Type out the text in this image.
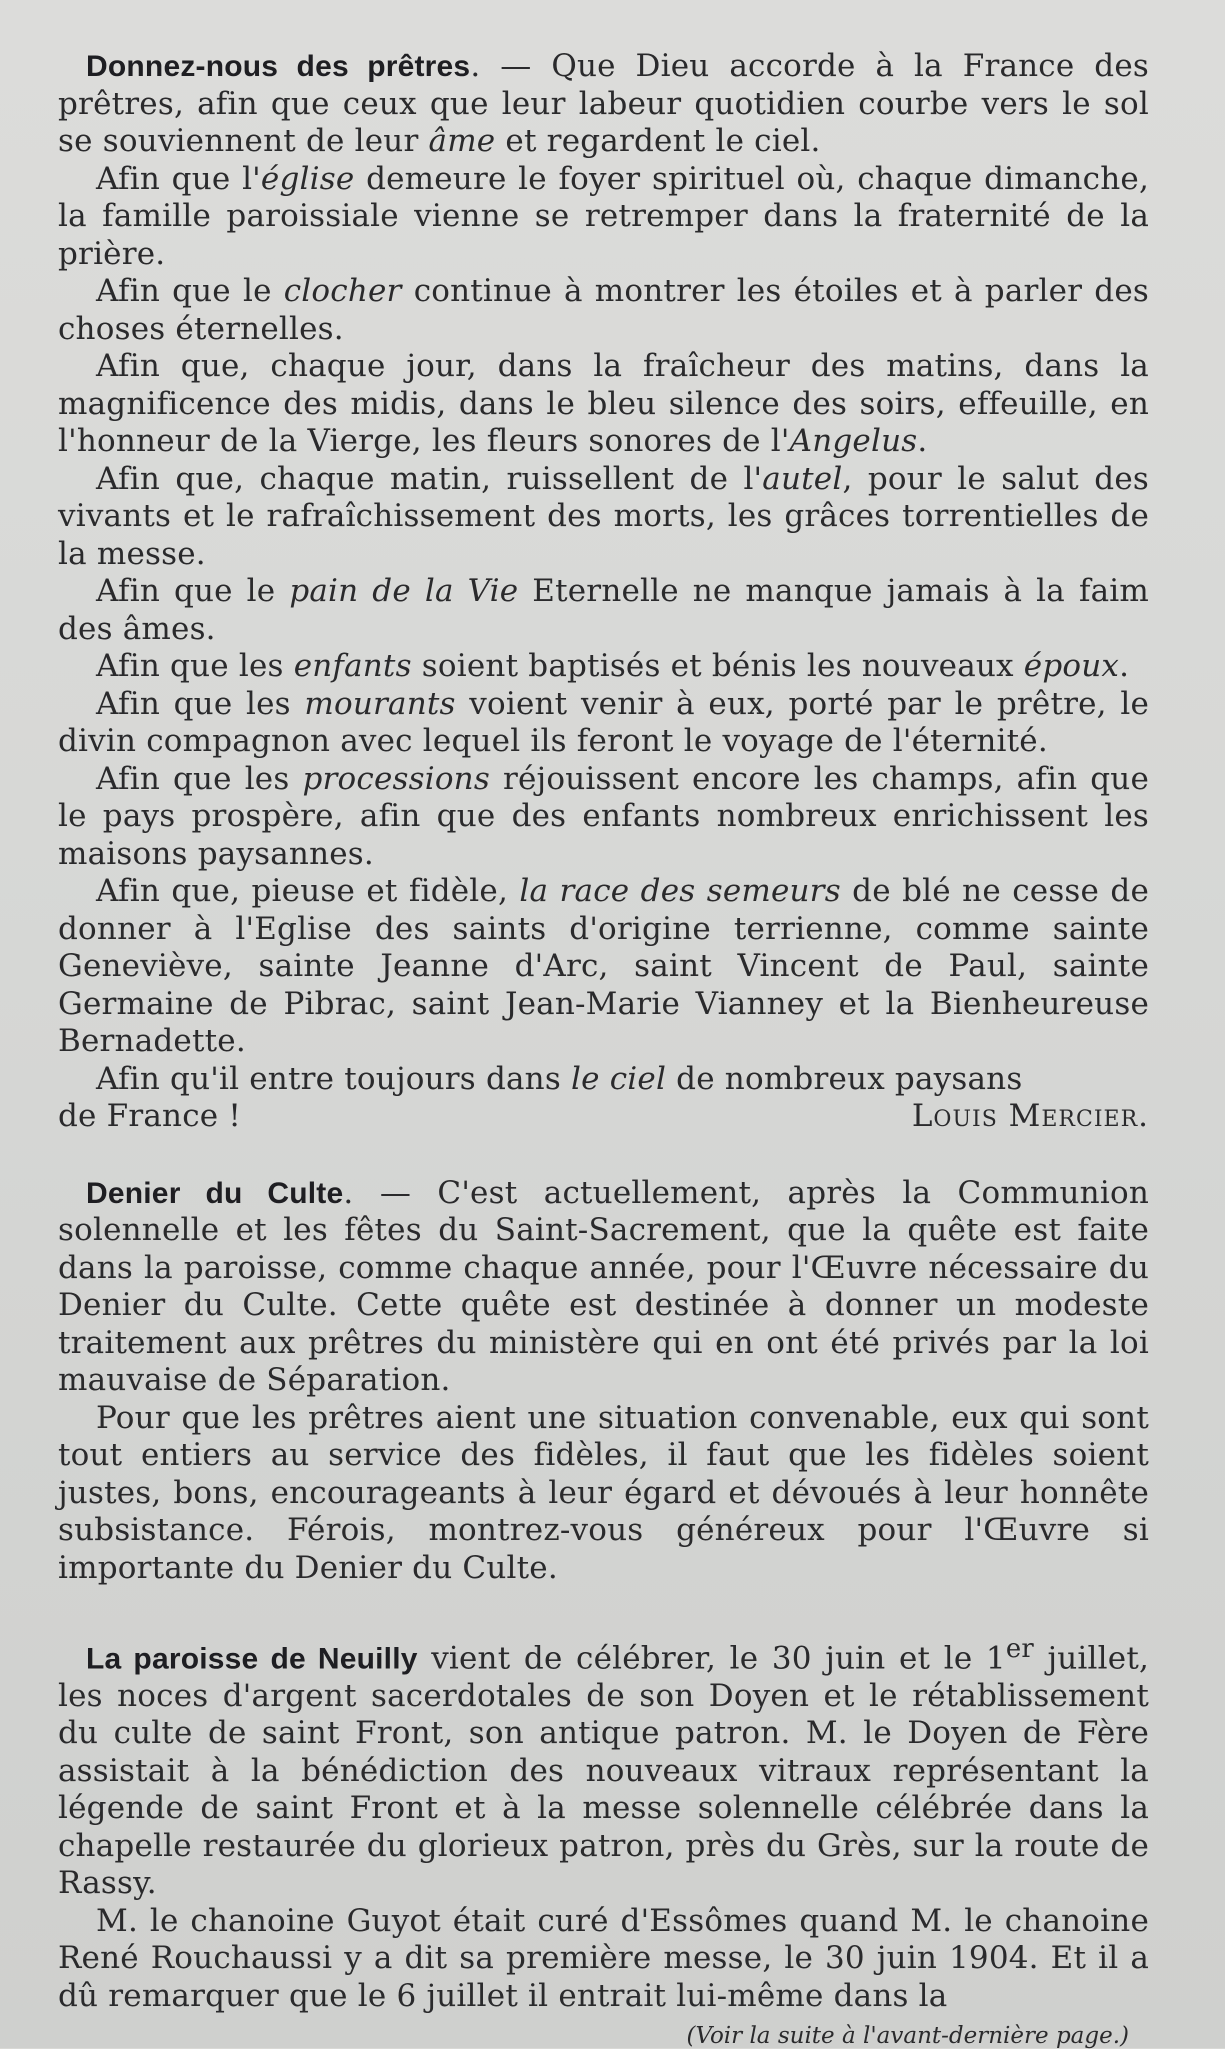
Donnez-nous des prêtres. — Que Dieu accorde à la France des prêtres, afin que ceux que leur labeur quotidien courbe vers le sol se souviennent de leur âme et regardent le ciel.

Afin que l'église demeure le foyer spirituel où, chaque dimanche, la famille paroissiale vienne se retremper dans la fraternité de la prière.

Afin que le clocher continue à montrer les étoiles et à parler des choses éternelles.

Afin que, chaque jour, dans la fraîcheur des matins, dans la magnificence des midis, dans le bleu silence des soirs, effeuille, en l'honneur de la Vierge, les fleurs sonores de l'Angelus.

Afin que, chaque matin, ruissellent de l'autel, pour le salut des vivants et le rafraîchissement des morts, les grâces torrentielles de la messe.

Afin que le pain de la Vie Eternelle ne manque jamais à la faim des âmes.

Afin que les enfants soient baptisés et bénis les nouveaux époux.

Afin que les mourants voient venir à eux, porté par le prêtre, le divin compagnon avec lequel ils feront le voyage de l'éternité.

Afin que les processions réjouissent encore les champs, afin que le pays prospère, afin que des enfants nombreux enrichissent les maisons paysannes.

Afin que, pieuse et fidèle, la race des semeurs de blé ne cesse de donner à l'Eglise des saints d'origine terrienne, comme sainte Geneviève, sainte Jeanne d'Arc, saint Vincent de Paul, sainte Germaine de Pibrac, saint Jean-Marie Vianney et la Bienheureuse Bernadette.

Afin qu'il entre toujours dans le ciel de nombreux paysans

de France !	Louis Mercier.

Denier du Culte. — C'est actuellement, après la Communion solennelle et les fêtes du Saint-Sacrement, que la quête est faite dans la paroisse, comme chaque année, pour l'Œuvre nécessaire du Denier du Culte. Cette quête est destinée à donner un modeste traitement aux prêtres du ministère qui en ont été privés par la loi mauvaise de Séparation.

Pour que les prêtres aient une situation convenable, eux qui sont tout entiers au service des fidèles, il faut que les fidèles soient justes, bons, encourageants à leur égard et dévoués à leur honnête subsistance. Férois, montrez-vous généreux pour l'Œuvre si importante du Denier du Culte.

La paroisse de Neuilly vient de célébrer, le 30 juin et le 1er juillet, les noces d'argent sacerdotales de son Doyen et le rétablissement du culte de saint Front, son antique patron. M. le Doyen de Fère assistait à la bénédiction des nouveaux vitraux représentant la légende de saint Front et à la messe solennelle célébrée dans la chapelle restaurée du glorieux patron, près du Grès, sur la route de Rassy.

M. le chanoine Guyot était curé d'Essômes quand M. le chanoine René Rouchaussi y a dit sa première messe, le 30 juin 1904. Et il a dû remarquer que le 6 juillet il entrait lui-même dans la

(Voir la suite à l'avant-dernière page.)
